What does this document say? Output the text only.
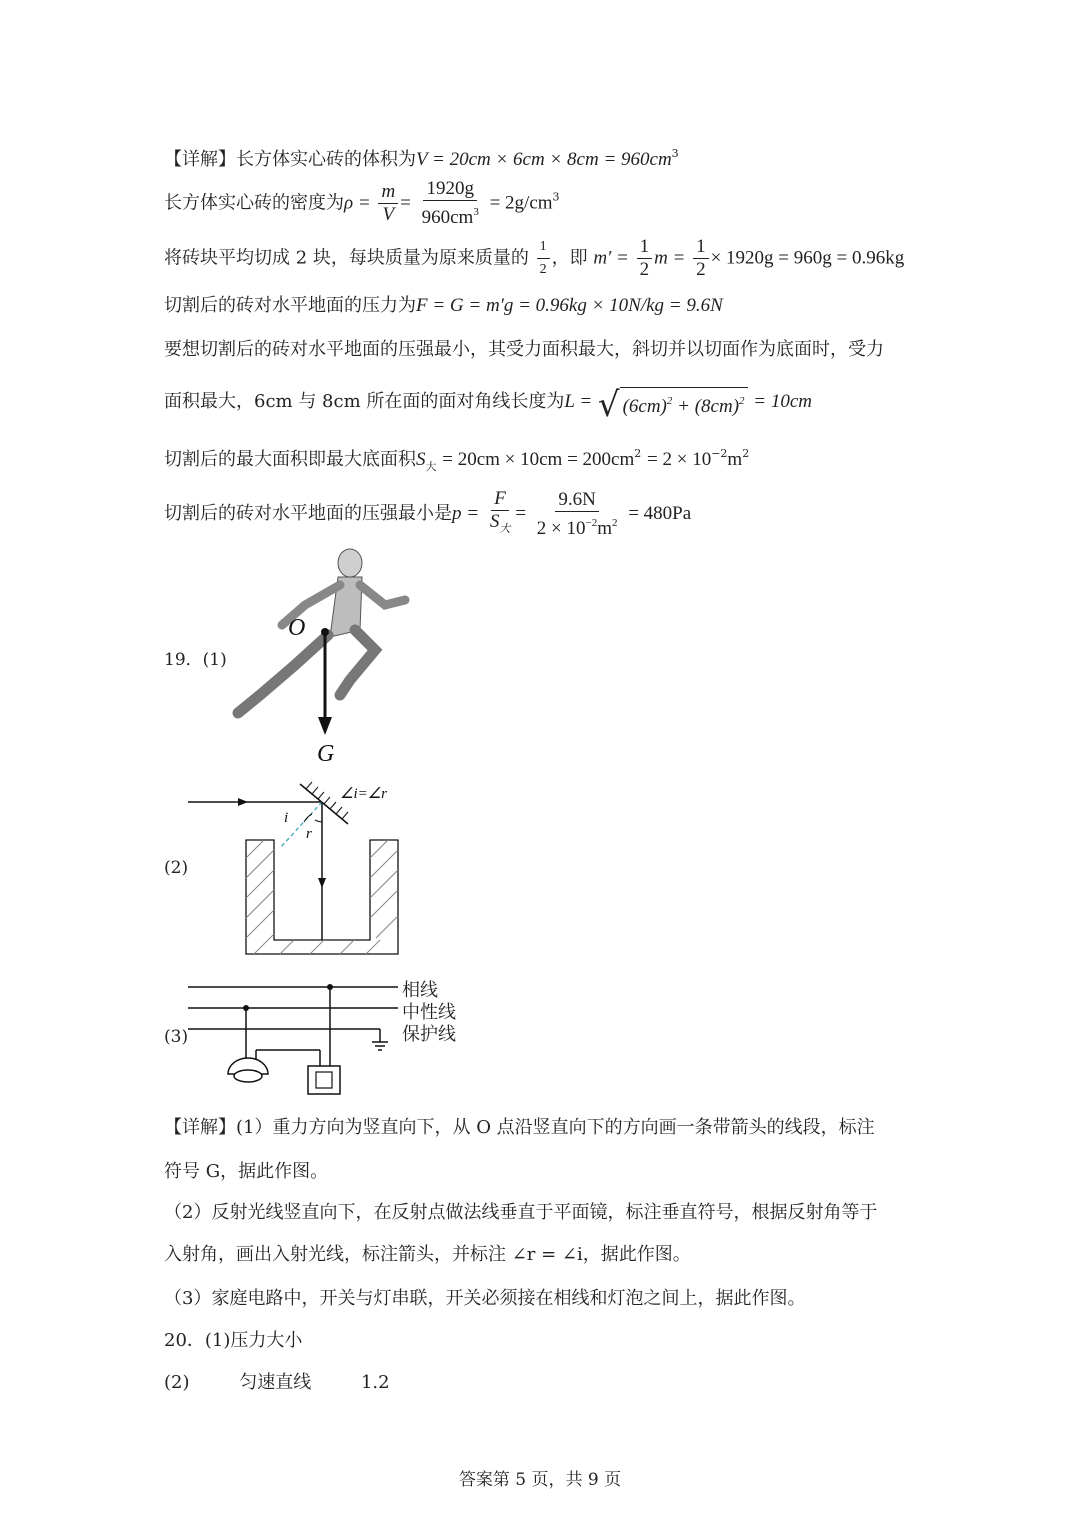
【详解】长方体实心砖的体积为$V = 20cm \times 6cm \times 8cm = 960cm^3$
长方体实心砖的密度为$\rho = \frac{m}{V} = \frac{1920g}{960cm^3} = 2g/cm^3$
将砖块平均切成 2 块，每块质量为原来质量的 $\frac{1}{2}$ ，即 $m' = \frac{1}{2}$ $m = \frac{1}{2} \times 1920g = 960g = 0.96kg$
切割后的砖对水平地面的压力为F = G = m′g = 0.96kg × 10N/kg = 9.6N
要想切割后的砖对水平地面的压强最小，其受力面积最大，斜切并以切面作为底面时，受力
面积最大，6cm 与 8cm 所在面的面对角线长度为L = √ $(6cm)^2 + (8cm)^2 = 10cm$
切割后的最大面积即最大底面积$S_大 = 20cm \times 10cm = 200cm^2 = 2 \times 10^{-2}m^2$
切割后的砖对水平地面的压强最小是$p = \frac{F}{S_大} = \frac{9.6N}{2 \times 10^{-2}m^2} = 480Pa$
19．(1)
O
G
(2)
i
r
∠i=∠r
(3)
相线
中性线
保护线
【详解】(1）重力方向为竖直向下，从 O 点沿竖直向下的方向画一条带箭头的线段，标注
符号 G，据此作图。
（2）反射光线竖直向下，在反射点做法线垂直于平面镜，标注垂直符号，根据反射角等于
入射角，画出入射光线，标注箭头，并标注 ∠r = ∠i，据此作图。
（3）家庭电路中，开关与灯串联，开关必须接在相线和灯泡之间上，据此作图。
20．(1)压力大小
(2)	匀速直线	1.2
答案第 5 页，共 9 页
